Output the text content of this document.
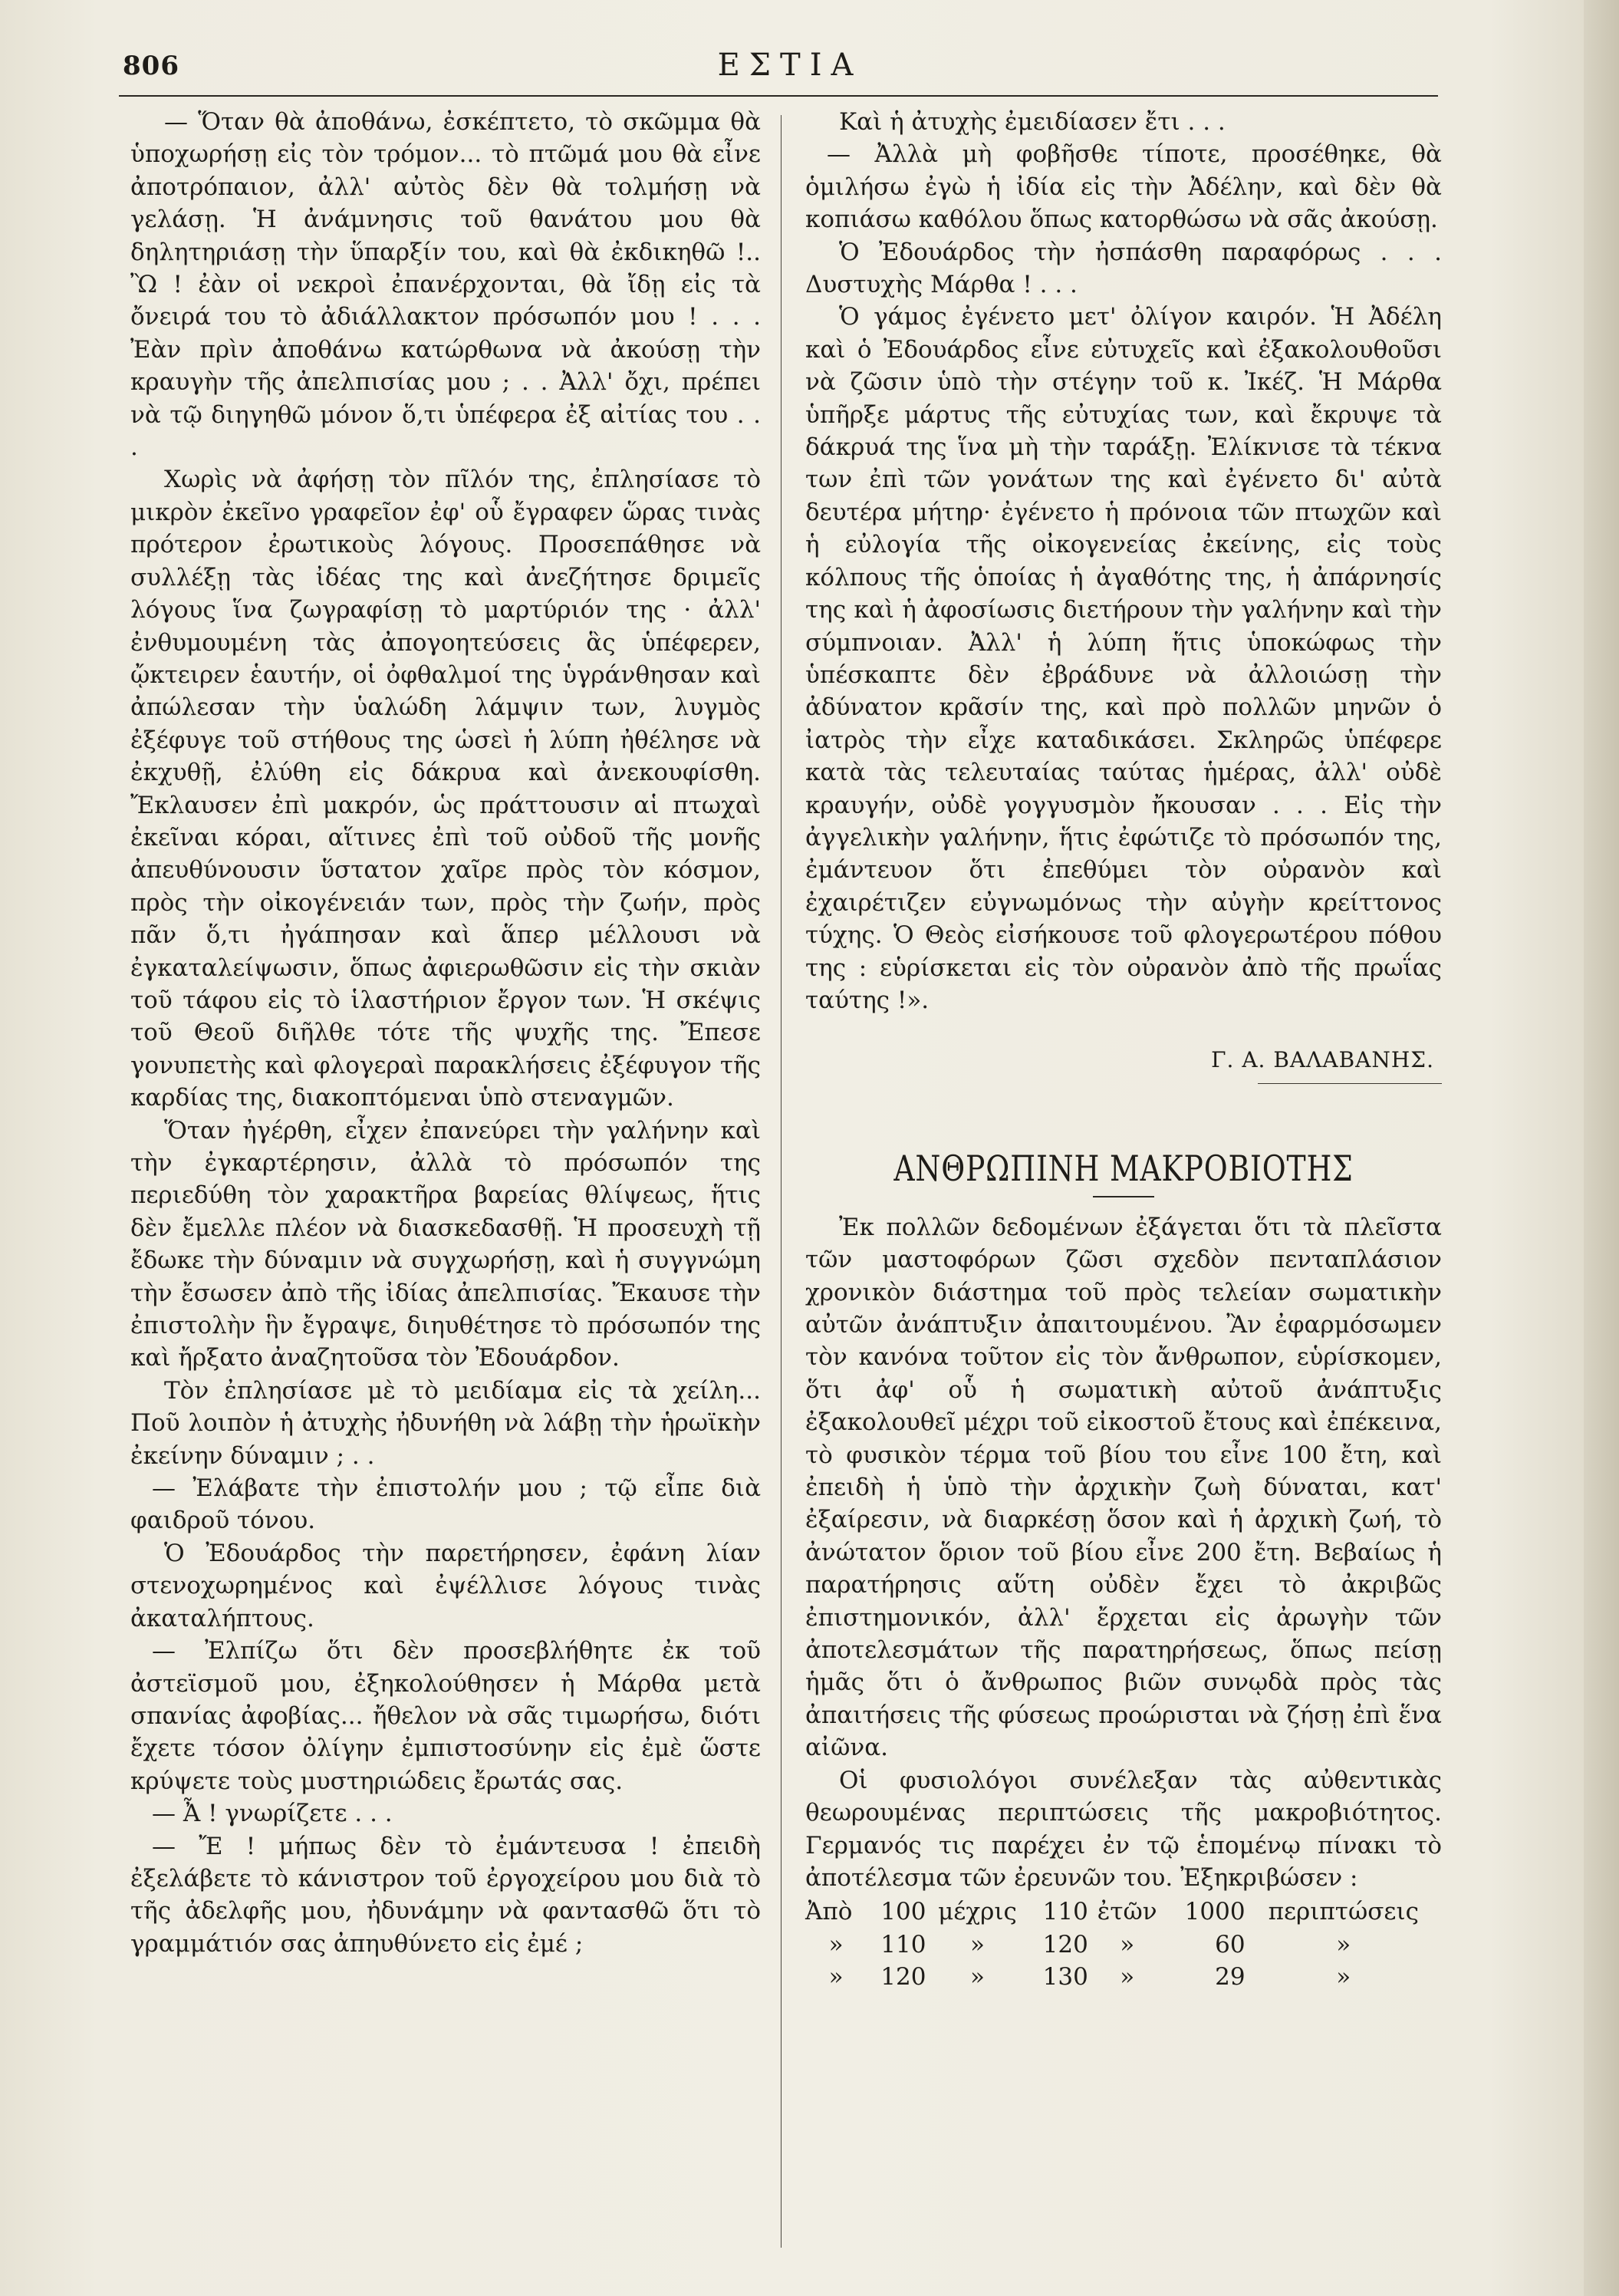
806	ΕΣΤΙΑ

— Ὅταν θὰ ἀποθάνω, ἐσκέπτετο, τὸ σκῶμμα θὰ ὑποχωρήσῃ εἰς τὸν τρόμον... τὸ πτῶμά μου θὰ εἶνε ἀποτρόπαιον, ἀλλ' αὐτὸς δὲν θὰ τολμήσῃ νὰ γελάσῃ. Ἡ ἀνάμνησις τοῦ θανάτου μου θὰ δηλητηριάσῃ τὴν ὕπαρξίν του, καὶ θὰ ἐκδικηθῶ !.. Ὢ ! ἐὰν οἱ νεκροὶ ἐπανέρχονται, θὰ ἴδῃ εἰς τὰ ὄνειρά του τὸ ἀδιάλλακτον πρόσωπόν μου ! . . . Ἐὰν πρὶν ἀποθάνω κατώρθωνα νὰ ἀκούσῃ τὴν κραυγὴν τῆς ἀπελπισίας μου ; . . Ἀλλ' ὄχι, πρέπει νὰ τῷ διηγηθῶ μόνον ὅ,τι ὑπέφερα ἐξ αἰτίας του . . .

Χωρὶς νὰ ἀφήσῃ τὸν πῖλόν της, ἐπλησίασε τὸ μικρὸν ἐκεῖνο γραφεῖον ἐφ' οὗ ἔγραφεν ὥρας τινὰς πρότερον ἐρωτικοὺς λόγους. Προσεπάθησε νὰ συλλέξῃ τὰς ἰδέας της καὶ ἀνεζήτησε δριμεῖς λόγους ἵνα ζωγραφίσῃ τὸ μαρτύριόν της · ἀλλ' ἐνθυμουμένη τὰς ἀπογοητεύσεις ἃς ὑπέφερεν, ᾤκτειρεν ἑαυτήν, οἱ ὀφθαλμοί της ὑγράνθησαν καὶ ἀπώλεσαν τὴν ὑαλώδη λάμψιν των, λυγμὸς ἐξέφυγε τοῦ στήθους της ὡσεὶ ἡ λύπη ἠθέλησε νὰ ἐκχυθῇ, ἐλύθη εἰς δάκρυα καὶ ἀνεκουφίσθη. Ἔκλαυσεν ἐπὶ μακρόν, ὡς πράττουσιν αἱ πτωχαὶ ἐκεῖναι κόραι, αἵτινες ἐπὶ τοῦ οὐδοῦ τῆς μονῆς ἀπευθύνουσιν ὕστατον χαῖρε πρὸς τὸν κόσμον, πρὸς τὴν οἰκογένειάν των, πρὸς τὴν ζωήν, πρὸς πᾶν ὅ,τι ἠγάπησαν καὶ ἅπερ μέλλουσι νὰ ἐγκαταλείψωσιν, ὅπως ἀφιερωθῶσιν εἰς τὴν σκιὰν τοῦ τάφου εἰς τὸ ἱλαστήριον ἔργον των. Ἡ σκέψις τοῦ Θεοῦ διῆλθε τότε τῆς ψυχῆς της. Ἔπεσε γονυπετὴς καὶ φλογεραὶ παρακλήσεις ἐξέφυγον τῆς καρδίας της, διακοπτόμεναι ὑπὸ στεναγμῶν.

Ὅταν ἠγέρθη, εἶχεν ἐπανεύρει τὴν γαλήνην καὶ τὴν ἐγκαρτέρησιν, ἀλλὰ τὸ πρόσωπόν της περιεδύθη τὸν χαρακτῆρα βαρείας θλίψεως, ἥτις δὲν ἔμελλε πλέον νὰ διασκεδασθῇ. Ἡ προσευχὴ τῇ ἔδωκε τὴν δύναμιν νὰ συγχωρήσῃ, καὶ ἡ συγγνώμη τὴν ἔσωσεν ἀπὸ τῆς ἰδίας ἀπελπισίας. Ἔκαυσε τὴν ἐπιστολὴν ἣν ἔγραψε, διηυθέτησε τὸ πρόσωπόν της καὶ ἤρξατο ἀναζητοῦσα τὸν Ἐδουάρδον.

Τὸν ἐπλησίασε μὲ τὸ μειδίαμα εἰς τὰ χείλη... Ποῦ λοιπὸν ἡ ἀτυχὴς ἠδυνήθη νὰ λάβῃ τὴν ἡρωϊκὴν ἐκείνην δύναμιν ; . .

— Ἐλάβατε τὴν ἐπιστολήν μου ; τῷ εἶπε διὰ φαιδροῦ τόνου.

Ὁ Ἐδουάρδος τὴν παρετήρησεν, ἐφάνη λίαν στενοχωρημένος καὶ ἐψέλλισε λόγους τινὰς ἀκαταλήπτους.

— Ἐλπίζω ὅτι δὲν προσεβλήθητε ἐκ τοῦ ἀστεϊσμοῦ μου, ἐξηκολούθησεν ἡ Μάρθα μετὰ σπανίας ἀφοβίας... ἤθελον νὰ σᾶς τιμωρήσω, διότι ἔχετε τόσον ὀλίγην ἐμπιστοσύνην εἰς ἐμὲ ὥστε κρύψετε τοὺς μυστηριώδεις ἔρωτάς σας.

— Ἆ ! γνωρίζετε . . .

— Ἔ ! μήπως δὲν τὸ ἐμάντευσα ! ἐπειδὴ ἐξελάβετε τὸ κάνιστρον τοῦ ἐργοχείρου μου διὰ τὸ τῆς ἀδελφῆς μου, ἠδυνάμην νὰ φαντασθῶ ὅτι τὸ γραμμάτιόν σας ἀπηυθύνετο εἰς ἐμέ ;

Καὶ ἡ ἀτυχὴς ἐμειδίασεν ἔτι . . .

— Ἀλλὰ μὴ φοβῆσθε τίποτε, προσέθηκε, θὰ ὁμιλήσω ἐγὼ ἡ ἰδία εἰς τὴν Ἀδέλην, καὶ δὲν θὰ κοπιάσω καθόλου ὅπως κατορθώσω νὰ σᾶς ἀκούσῃ.

Ὁ Ἐδουάρδος τὴν ἠσπάσθη παραφόρως . . . Δυστυχὴς Μάρθα ! . . .

Ὁ γάμος ἐγένετο μετ' ὀλίγον καιρόν. Ἡ Ἀδέλη καὶ ὁ Ἐδουάρδος εἶνε εὐτυχεῖς καὶ ἐξακολουθοῦσι νὰ ζῶσιν ὑπὸ τὴν στέγην τοῦ κ. Ἰκέζ. Ἡ Μάρθα ὑπῆρξε μάρτυς τῆς εὐτυχίας των, καὶ ἔκρυψε τὰ δάκρυά της ἵνα μὴ τὴν ταράξῃ. Ἐλίκνισε τὰ τέκνα των ἐπὶ τῶν γονάτων της καὶ ἐγένετο δι' αὐτὰ δευτέρα μήτηρ· ἐγένετο ἡ πρόνοια τῶν πτωχῶν καὶ ἡ εὐλογία τῆς οἰκογενείας ἐκείνης, εἰς τοὺς κόλπους τῆς ὁποίας ἡ ἀγαθότης της, ἡ ἀπάρνησίς της καὶ ἡ ἀφοσίωσις διετήρουν τὴν γαλήνην καὶ τὴν σύμπνοιαν. Ἀλλ' ἡ λύπη ἥτις ὑποκώφως τὴν ὑπέσκαπτε δὲν ἐβράδυνε νὰ ἀλλοιώσῃ τὴν ἀδύνατον κρᾶσίν της, καὶ πρὸ πολλῶν μηνῶν ὁ ἰατρὸς τὴν εἶχε καταδικάσει. Σκληρῶς ὑπέφερε κατὰ τὰς τελευταίας ταύτας ἡμέρας, ἀλλ' οὐδὲ κραυγήν, οὐδὲ γογγυσμὸν ἤκουσαν . . . Εἰς τὴν ἀγγελικὴν γαλήνην, ἥτις ἐφώτιζε τὸ πρόσωπόν της, ἐμάντευον ὅτι ἐπεθύμει τὸν οὐρανὸν καὶ ἐχαιρέτιζεν εὐγνωμόνως τὴν αὐγὴν κρείττονος τύχης. Ὁ Θεὸς εἰσήκουσε τοῦ φλογερωτέρου πόθου της : εὑρίσκεται εἰς τὸν οὐρανὸν ἀπὸ τῆς πρωΐας ταύτης !».

Γ. Α. ΒΑΛΑΒΑΝΗΣ.
ΑΝΘΡΩΠΙΝΗ ΜΑΚΡΟΒΙΟΤΗΣ

Ἐκ πολλῶν δεδομένων ἐξάγεται ὅτι τὰ πλεῖστα τῶν μαστοφόρων ζῶσι σχεδὸν πενταπλάσιον χρονικὸν διάστημα τοῦ πρὸς τελείαν σωματικὴν αὐτῶν ἀνάπτυξιν ἀπαιτουμένου. Ἂν ἐφαρμόσωμεν τὸν κανόνα τοῦτον εἰς τὸν ἄνθρωπον, εὑρίσκομεν, ὅτι ἀφ' οὗ ἡ σωματικὴ αὐτοῦ ἀνάπτυξις ἐξακολουθεῖ μέχρι τοῦ εἰκοστοῦ ἔτους καὶ ἐπέκεινα, τὸ φυσικὸν τέρμα τοῦ βίου του εἶνε 100 ἔτη, καὶ ἐπειδὴ ἡ ὑπὸ τὴν ἀρχικὴν ζωὴ δύναται, κατ' ἐξαίρεσιν, νὰ διαρκέσῃ ὅσον καὶ ἡ ἀρχικὴ ζωή, τὸ ἀνώτατον ὅριον τοῦ βίου εἶνε 200 ἔτη. Βεβαίως ἡ παρατήρησις αὕτη οὐδὲν ἔχει τὸ ἀκριβῶς ἐπιστημονικόν, ἀλλ' ἔρχεται εἰς ἀρωγὴν τῶν ἀποτελεσμάτων τῆς παρατηρήσεως, ὅπως πείσῃ ἡμᾶς ὅτι ὁ ἄνθρωπος βιῶν συνῳδὰ πρὸς τὰς ἀπαιτήσεις τῆς φύσεως προώρισται νὰ ζήσῃ ἐπὶ ἕνα αἰῶνα.

Οἱ φυσιολόγοι συνέλεξαν τὰς αὐθεντικὰς θεωρουμένας περιπτώσεις τῆς μακροβιότητος. Γερμανός τις παρέχει ἐν τῷ ἑπομένῳ πίνακι τὸ ἀποτέλεσμα τῶν ἐρευνῶν του. Ἐξηκριβώσεν :

Ἀπὸ	100	μέχρις	110	ἐτῶν	1000	περιπτώσεις
»	110	»	120	»	60	»
»	120	»	130	»	29	»
